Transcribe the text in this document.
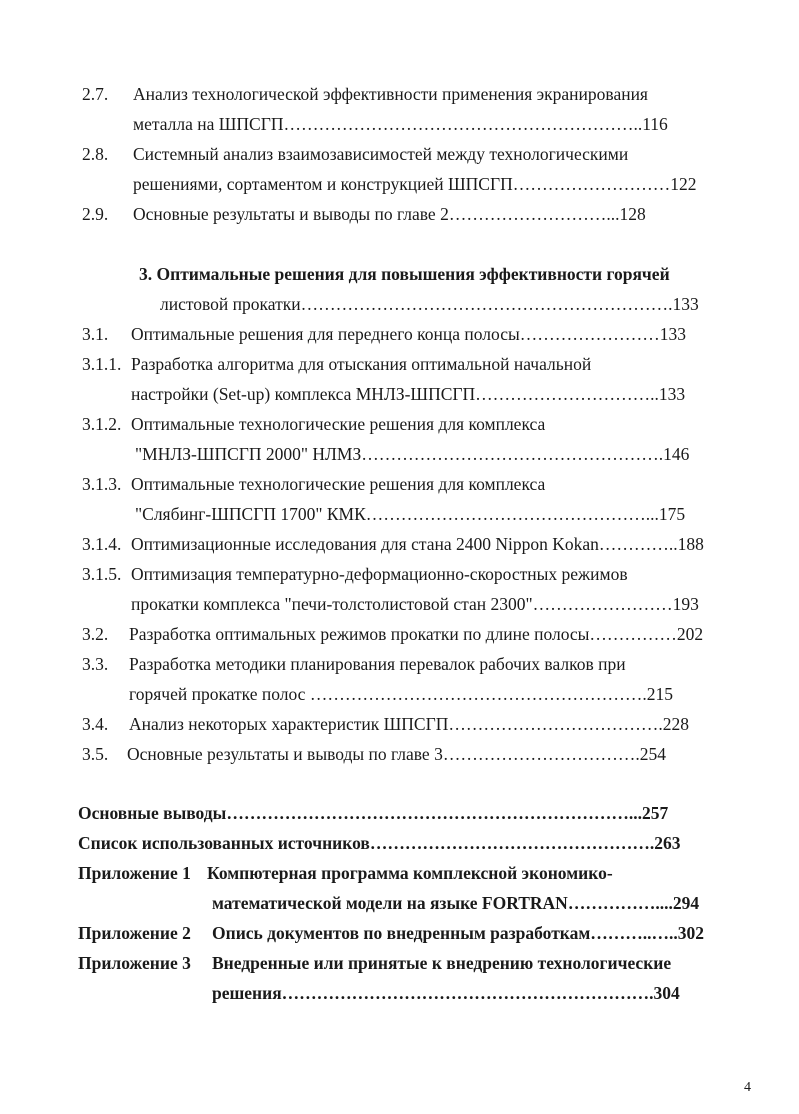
2.7. Анализ технологической эффективности применения экранирования
металла на ШПСГП……………………………………………………..116
2.8. Системный анализ взаимозависимостей между технологическими
решениями, сортаментом и конструкцией ШПСГП………………………122
2.9. Основные результаты и выводы по главе 2………………………...128
3. Оптимальные решения для повышения эффективности горячей
листовой прокатки……………………………………………………….133
3.1. Оптимальные решения для переднего конца полосы……………………133
3.1.1. Разработка алгоритма для отыскания оптимальной начальной
настройки (Set-up) комплекса МНЛЗ-ШПСГП…………………………..133
3.1.2. Оптимальные технологические решения для комплекса
"МНЛЗ-ШПСГП 2000" НЛМЗ…………………………………………….146
3.1.3. Оптимальные технологические решения для комплекса
"Слябинг-ШПСГП 1700" КМК…………………………………………...175
3.1.4. Оптимизационные исследования для стана 2400 Nippon Kokan…………..188
3.1.5. Оптимизация температурно-деформационно-скоростных режимов
прокатки комплекса "печи-толстолистовой стан 2300"……………………193
3.2. Разработка оптимальных режимов прокатки по длине полосы……………202
3.3. Разработка методики планирования перевалок рабочих валков при
горячей прокатке полос ………………………………………………….215
3.4. Анализ некоторых характеристик ШПСГП……………………………….228
3.5. Основные результаты и выводы по главе 3…………………………….254
Основные выводы……………………………………………………………...257
Список использованных источников………………………………………….263
Приложение 1 Компютерная программа комплексной экономико-
математической модели на языке FORTRAN……………....294
Приложение 2 Опись документов по внедренным разработкам………..…..302
Приложение 3 Внедренные или принятые к внедрению технологические
решения……………………………………………………….304
4
